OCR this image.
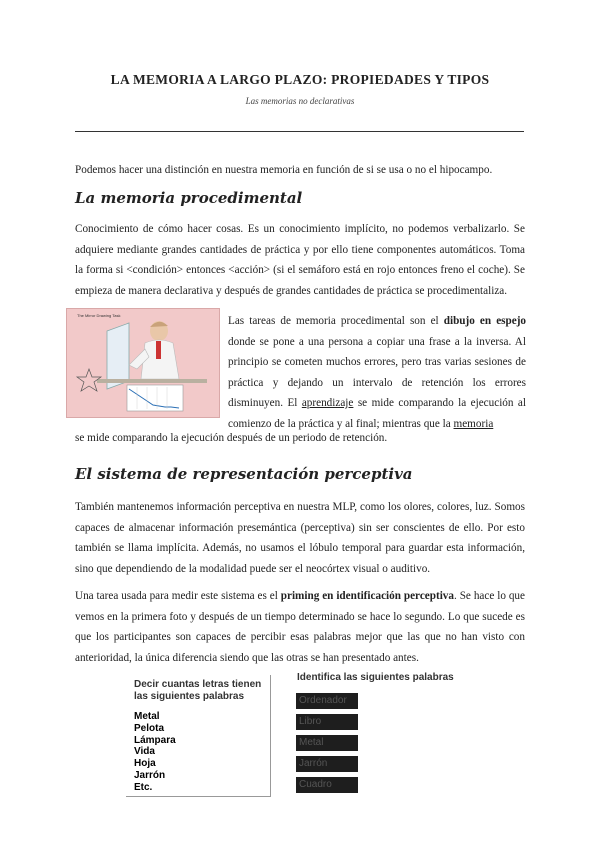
LA MEMORIA A LARGO PLAZO: PROPIEDADES Y TIPOS
Las memorias no declarativas

Podemos hacer una distinción en nuestra memoria en función de si se usa o no el hipocampo.

La memoria procedimental

Conocimiento de cómo hacer cosas. Es un conocimiento implícito, no podemos verbalizarlo. Se adquiere mediante grandes cantidades de práctica y por ello tiene componentes automáticos. Toma la forma si <condición> entonces <acción> (si el semáforo está en rojo entonces freno el coche). Se empieza de manera declarativa y después de grandes cantidades de práctica se procedimentaliza.

The Mirror Drawing Task	Las tareas de memoria procedimental son el dibujo en espejo donde se pone a una persona a copiar una frase a la inversa. Al principio se cometen muchos errores, pero tras varias sesiones de práctica y dejando un intervalo de retención los errores disminuyen. El aprendizaje se mide comparando la ejecución al comienzo de la práctica y al final; mientras que la memoria

se mide comparando la ejecución después de un periodo de retención.

El sistema de representación perceptiva

También mantenemos información perceptiva en nuestra MLP, como los olores, colores, luz. Somos capaces de almacenar información presemántica (perceptiva) sin ser conscientes de ello. Por esto también se llama implícita. Además, no usamos el lóbulo temporal para guardar esta información, sino que dependiendo de la modalidad puede ser el neocórtex visual o auditivo.

Una tarea usada para medir este sistema es el priming en identificación perceptiva. Se hace lo que vemos en la primera foto y después de un tiempo determinado se hace lo segundo. Lo que sucede es que los participantes son capaces de percibir esas palabras mejor que las que no han visto con anterioridad, la única diferencia siendo que las otras se han presentado antes.

Decir cuantas letras tienen las siguientes palabras
Metal
Pelota
Lámpara
Vida
Hoja
Jarrón
Etc.
Identifica las siguientes palabras
Ordenador
Libro
Metal
Jarrón
Cuadro
